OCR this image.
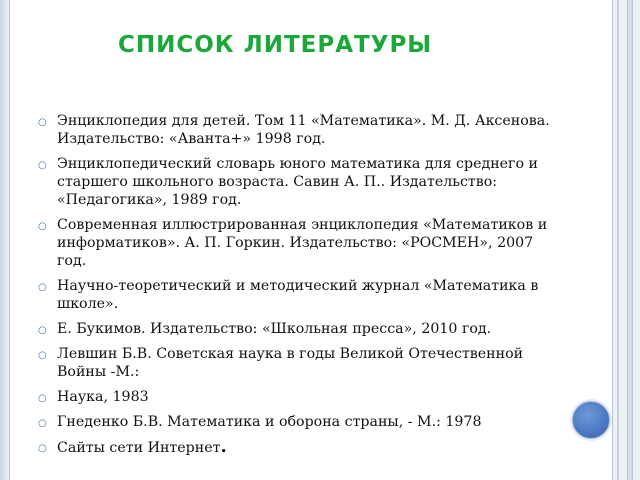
СПИСОК ЛИТЕРАТУРЫ
○ Энциклопедия для детей. Том 11 «Математика». М. Д. Аксенова. Издательство: «Аванта+» 1998 год.
○ Энциклопедический словарь юного математика для среднего и старшего школьного возраста. Савин А. П.. Издательство: «Педагогика», 1989 год.
○ Современная иллюстрированная энциклопедия «Математиков и информатиков». А. П. Горкин. Издательство: «РОСМЕН», 2007 год.
○ Научно-теоретический и методический журнал «Математика в школе».
○ Е. Букимов. Издательство: «Школьная пресса», 2010 год.
○ Левшин Б.В. Советская наука в годы Великой Отечественной Войны -М.:
○ Наука, 1983
○ Гнеденко Б.В. Математика и оборона страны, - М.: 1978
○ Сайты сети Интернет.
